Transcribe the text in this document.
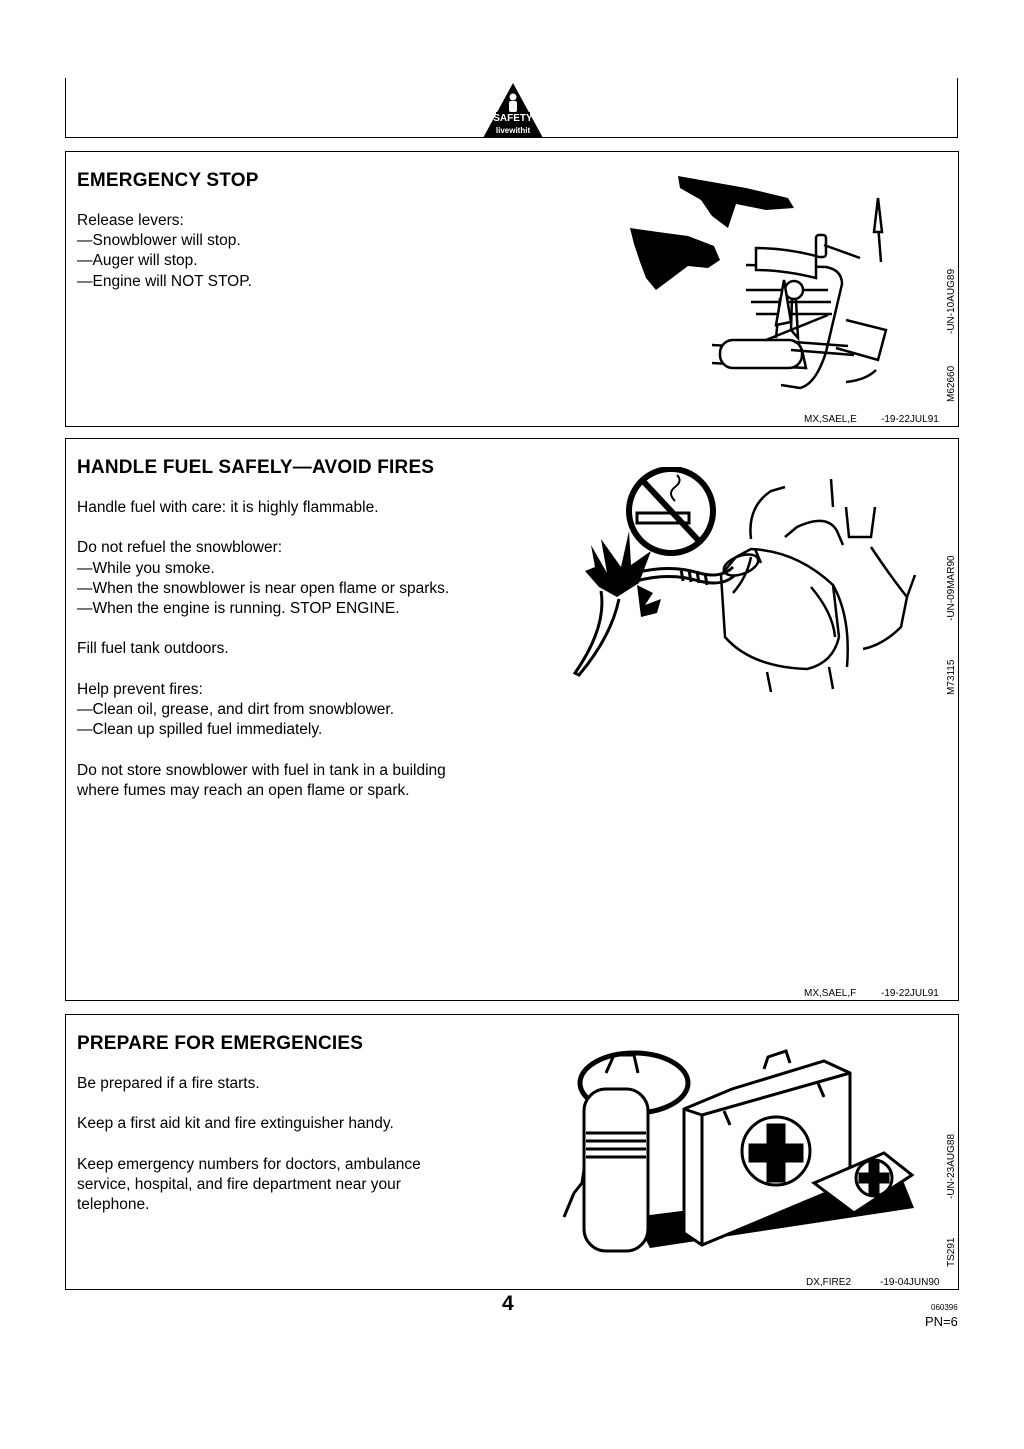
SAFETY
livewithit
EMERGENCY STOP
Release levers:
—Snowblower will stop.
—Auger will stop.
—Engine will NOT STOP.
M62660
-UN-10AUG89
MX,SAEL,E -19-22JUL91
HANDLE FUEL SAFELY—AVOID FIRES
Handle fuel with care: it is highly flammable.
Do not refuel the snowblower:
—While you smoke.
—When the snowblower is near open flame or sparks.
—When the engine is running. STOP ENGINE.
Fill fuel tank outdoors.
Help prevent fires:
—Clean oil, grease, and dirt from snowblower.
—Clean up spilled fuel immediately.
Do not store snowblower with fuel in tank in a building
where fumes may reach an open flame or spark.
M73115
-UN-09MAR90
MX,SAEL,F -19-22JUL91
PREPARE FOR EMERGENCIES
Be prepared if a fire starts.
Keep a first aid kit and fire extinguisher handy.
Keep emergency numbers for doctors, ambulance
service, hospital, and fire department near your
telephone.
TS291
-UN-23AUG88
DX,FIRE2	-19-04JUN90
4	060396
PN=6
